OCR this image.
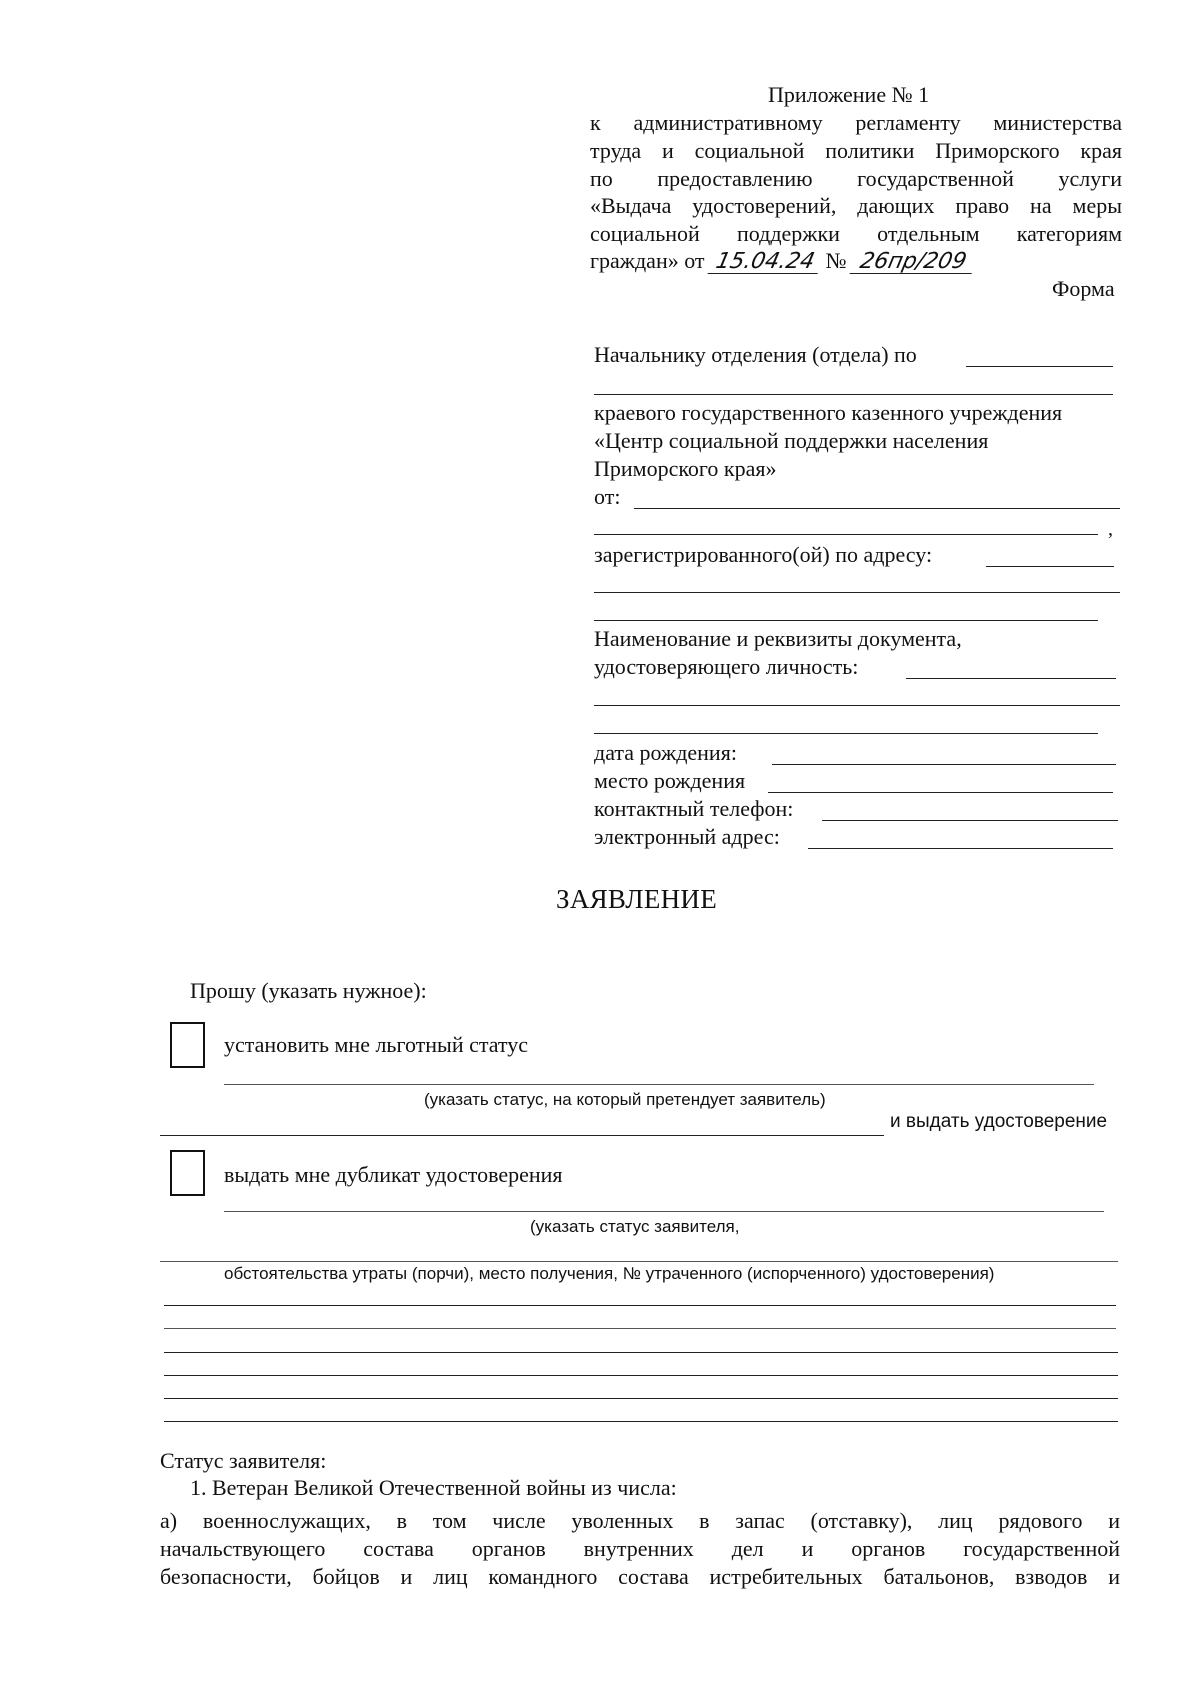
Приложение № 1
к административному регламенту министерства
труда и социальной политики Приморского края
по предоставлению государственной услуги
«Выдача удостоверений, дающих право на меры
социальной поддержки отдельным категориям
граждан» от 15.04.24 № 26пр/209
Форма
Начальнику отделения (отдела) по
краевого государственного казенного учреждения
«Центр социальной поддержки населения
Приморского края»
от:
,
зарегистрированного(ой) по адресу:
Наименование и реквизиты документа,
удостоверяющего личность:
дата рождения:
место рождения
контактный телефон:
электронный адрес:
ЗАЯВЛЕНИЕ
Прошу (указать нужное):
установить мне льготный статус
(указать статус, на который претендует заявитель)
и выдать удостоверение
выдать мне дубликат удостоверения
(указать статус заявителя,
обстоятельства утраты (порчи), место получения, № утраченного (испорченного) удостоверения)
Статус заявителя:
1. Ветеран Великой Отечественной войны из числа:
а) военнослужащих, в том числе уволенных в запас (отставку), лиц рядового и
начальствующего состава органов внутренних дел и органов государственной
безопасности, бойцов и лиц командного состава истребительных батальонов, взводов и
